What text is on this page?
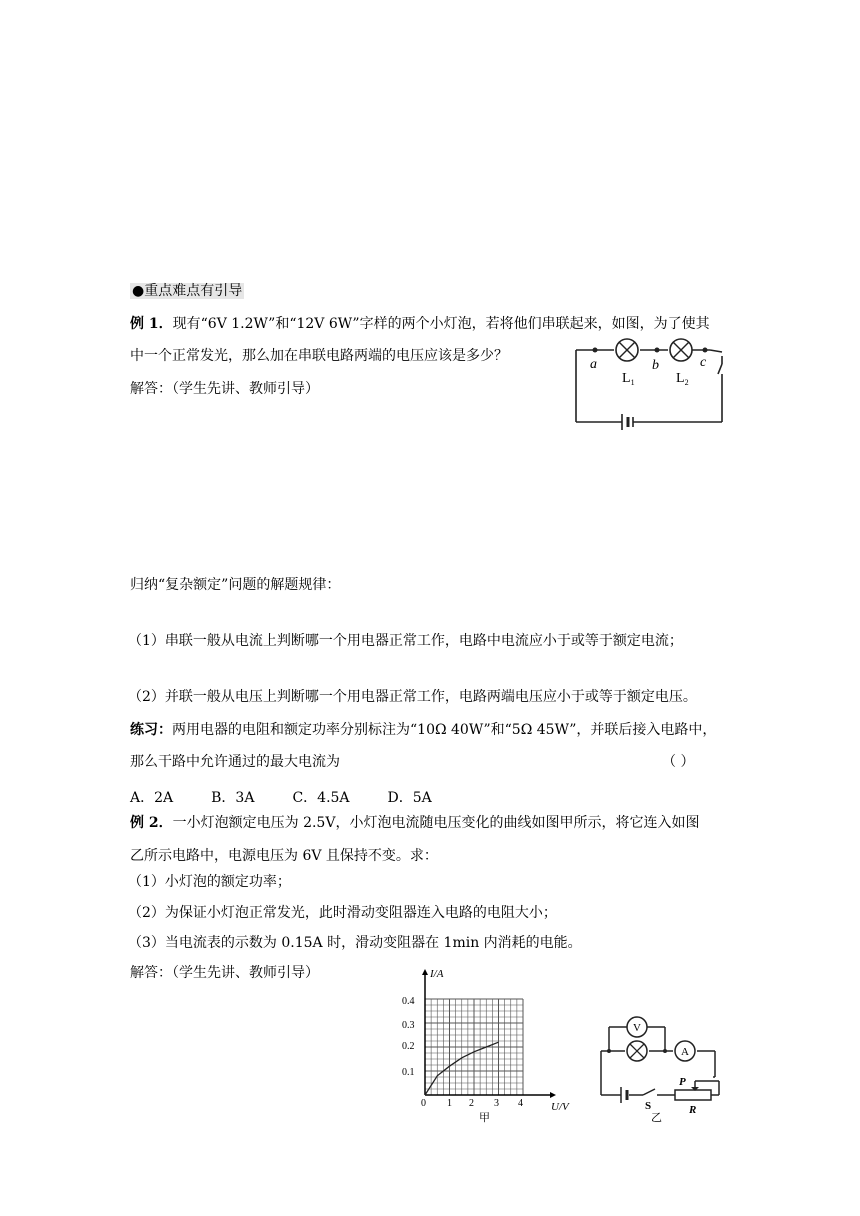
●重点难点有引导
例 1．现有“6V 1.2W”和“12V 6W”字样的两个小灯泡，若将他们串联起来，如图，为了使其
中一个正常发光，那么加在串联电路两端的电压应该是多少？
解答：（学生先讲、教师引导）
a	b	c
$L_1$	$L_2$
归纳“复杂额定”问题的解题规律：
（1）串联一般从电流上判断哪一个用电器正常工作，电路中电流应小于或等于额定电流；
（2）并联一般从电压上判断哪一个用电器正常工作，电路两端电压应小于或等于额定电压。
练习：两用电器的电阻和额定功率分别标注为“10Ω 40W”和“5Ω 45W”，并联后接入电路中，
那么干路中允许通过的最大电流为	（ ）
A．2A	B．3A	C．4.5A	D．5A
例 2．一小灯泡额定电压为 2.5V，小灯泡电流随电压变化的曲线如图甲所示，将它连入如图
乙所示电路中，电源电压为 6V 且保持不变。求：
（1）小灯泡的额定功率；
（2）为保证小灯泡正常发光，此时滑动变阻器连入电路的电阻大小；
（3）当电流表的示数为 0.15A 时，滑动变阻器在 1min 内消耗的电能。
解答：（学生先讲、教师引导）	I/A
U/V
0
0.1
0.2
0.3
0.4
1 2 3 4
甲
V
A
S
P
R
乙
